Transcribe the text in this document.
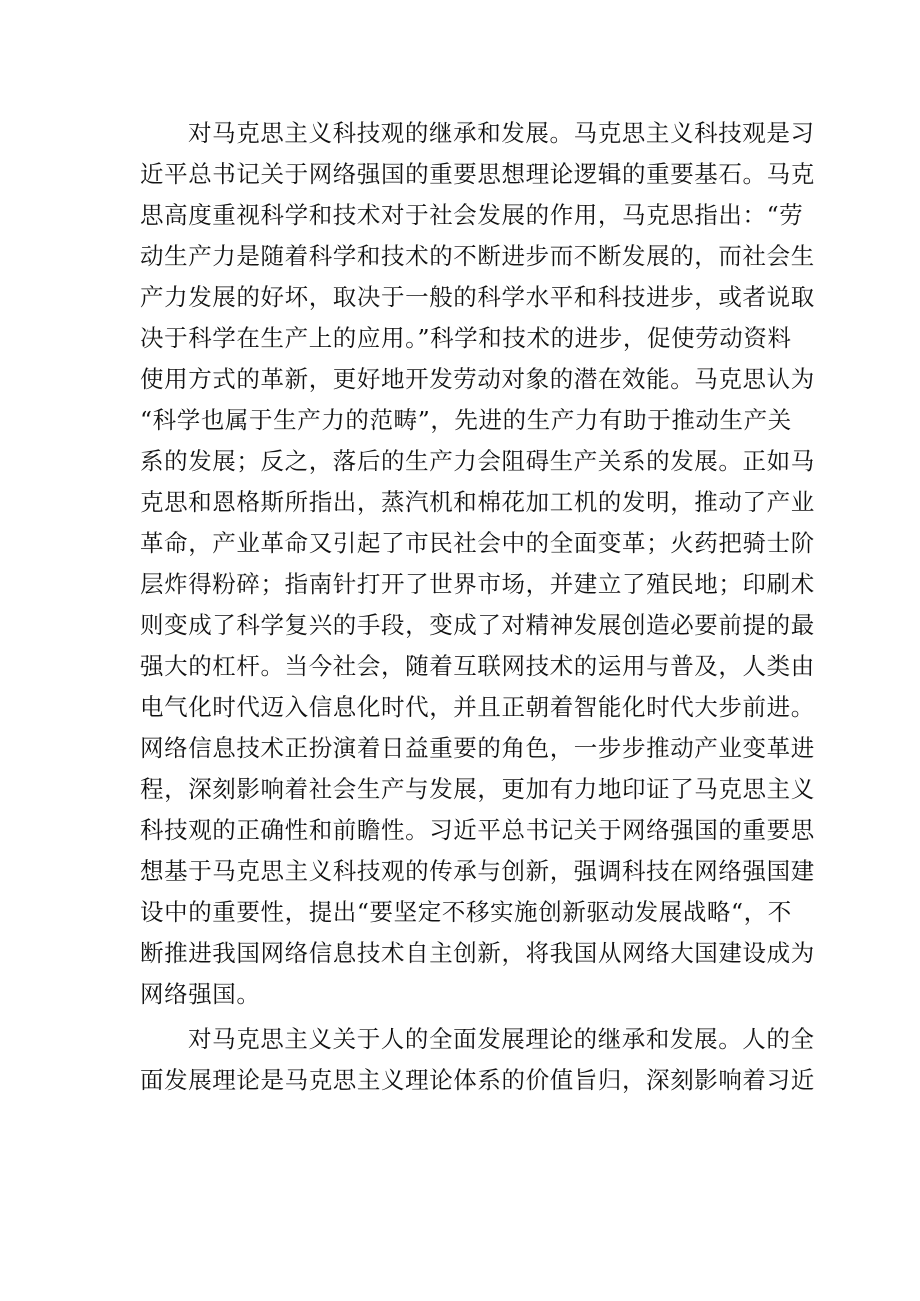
对马克思主义科技观的继承和发展。马克思主义科技观是习
近平总书记关于网络强国的重要思想理论逻辑的重要基石。马克
思高度重视科学和技术对于社会发展的作用，马克思指出：“劳
动生产力是随着科学和技术的不断进步而不断发展的，而社会生
产力发展的好坏，取决于一般的科学水平和科技进步，或者说取
决于科学在生产上的应用。”科学和技术的进步，促使劳动资料
使用方式的革新，更好地开发劳动对象的潜在效能。马克思认为
“科学也属于生产力的范畴”，先进的生产力有助于推动生产关
系的发展；反之，落后的生产力会阻碍生产关系的发展。正如马
克思和恩格斯所指出，蒸汽机和棉花加工机的发明，推动了产业
革命，产业革命又引起了市民社会中的全面变革；火药把骑士阶
层炸得粉碎；指南针打开了世界市场，并建立了殖民地；印刷术
则变成了科学复兴的手段，变成了对精神发展创造必要前提的最
强大的杠杆。当今社会，随着互联网技术的运用与普及，人类由
电气化时代迈入信息化时代，并且正朝着智能化时代大步前进。
网络信息技术正扮演着日益重要的角色，一步步推动产业变革进
程，深刻影响着社会生产与发展，更加有力地印证了马克思主义
科技观的正确性和前瞻性。习近平总书记关于网络强国的重要思
想基于马克思主义科技观的传承与创新，强调科技在网络强国建
设中的重要性，提出“要坚定不移实施创新驱动发展战略“，不
断推进我国网络信息技术自主创新，将我国从网络大国建设成为
网络强国。
对马克思主义关于人的全面发展理论的继承和发展。人的全
面发展理论是马克思主义理论体系的价值旨归，深刻影响着习近
